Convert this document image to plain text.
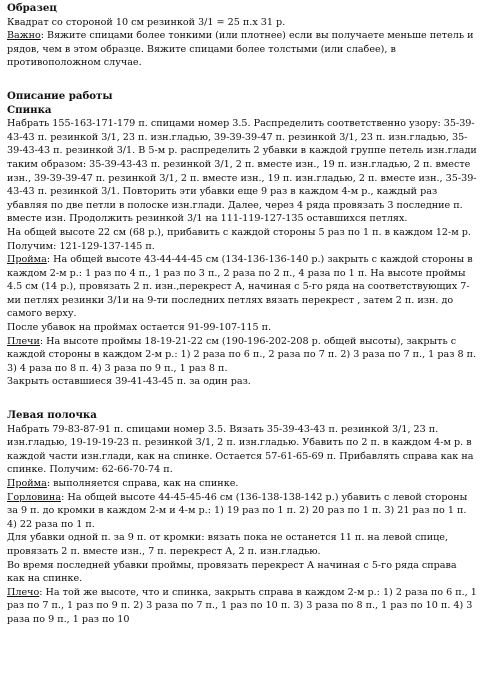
Образец

Квадрат со стороной 10 см резинкой 3/1 = 25 п.х 31 р.

Важно: Вяжите спицами более тонкими (или плотнее) если вы получаете меньше петель и рядов, чем в этом образце. Вяжите спицами более толстыми (или слабее), в противоположном случае.

Описание работы

Спинка

Набрать 155-163-171-179 п. спицами номер 3.5. Распределить соответственно узору: 35-39-43-43 п. резинкой 3/1, 23 п. изн.гладью, 39-39-39-47 п. резинкой 3/1, 23 п. изн.гладью, 35-39-43-43 п. резинкой 3/1. В 5-м р. распределить 2 убавки в каждой группе петель изн.глади таким образом: 35-39-43-43 п. резинкой 3/1, 2 п. вместе изн., 19 п. изн.гладью, 2 п. вместе изн., 39-39-39-47 п. резинкой 3/1, 2 п. вместе изн., 19 п. изн.гладью, 2 п. вместе изн., 35-39-43-43 п. резинкой 3/1. Повторить эти убавки еще 9 раз в каждом 4-м р., каждый раз убавляя по две петли в полоске изн.глади. Далее, через 4 ряда провязать 3 последние п. вместе изн. Продолжить резинкой 3/1 на 111-119-127-135 оставшихся петлях.

На общей высоте 22 см (68 р.), прибавить с каждой стороны 5 раз по 1 п. в каждом 12-м р.

Получим: 121-129-137-145 п.

Пройма: На общей высоте 43-44-44-45 см (134-136-136-140 р.) закрыть с каждой стороны в каждом 2-м р.: 1 раз по 4 п., 1 раз по 3 п., 2 раза по 2 п., 4 раза по 1 п. На высоте проймы 4.5 см (14 р.), провязать 2 п. изн.,перекрест А, начиная с 5-го ряда на соответствующих 7-ми петлях резинки 3/1и на 9-ти последних петлях вязать перекрест , затем 2 п. изн. до самого верху.

После убавок на проймах остается 91-99-107-115 п.

Плечи: На высоте проймы 18-19-21-22 см (190-196-202-208 р. общей высоты), закрыть с каждой стороны в каждом 2-м р.: 1) 2 раза по 6 п., 2 раза по 7 п. 2) 3 раза по 7 п., 1 раз 8 п. 3) 4 раза по 8 п. 4) 3 раза по 9 п., 1 раз 8 п.

Закрыть оставшиеся 39-41-43-45 п. за один раз.

Левая полочка

Набрать 79-83-87-91 п. спицами номер 3.5. Вязать 35-39-43-43 п. резинкой 3/1, 23 п. изн.гладью, 19-19-19-23 п. резинкой 3/1, 2 п. изн.гладью. Убавить по 2 п. в каждом 4-м р. в каждой части изн.глади, как на спинке. Остается 57-61-65-69 п. Прибавлять справа как на спинке. Получим: 62-66-70-74 п.

Пройма: выполняется справа, как на спинке.

Горловина: На общей высоте 44-45-45-46 см (136-138-138-142 р.) убавить с левой стороны за 9 п. до кромки в каждом 2-м и 4-м р.: 1) 19 раз по 1 п. 2) 20 раз по 1 п. 3) 21 раз по 1 п. 4) 22 раза по 1 п.

Для убавки одной п. за 9 п. от кромки: вязать пока не останется 11 п. на левой спице, провязать 2 п. вместе изн., 7 п. перекрест А, 2 п. изн.гладью.

Во время последней убавки проймы, провязать перекрест А начиная с 5-го ряда справа как на спинке.

Плечо: На той же высоте, что и спинка, закрыть справа в каждом 2-м р.: 1) 2 раза по 6 п., 1 раз по 7 п., 1 раз по 9 п. 2) 3 раза по 7 п., 1 раз по 10 п. 3) 3 раза по 8 п., 1 раз по 10 п. 4) 3 раза по 9 п., 1 раз по 10
